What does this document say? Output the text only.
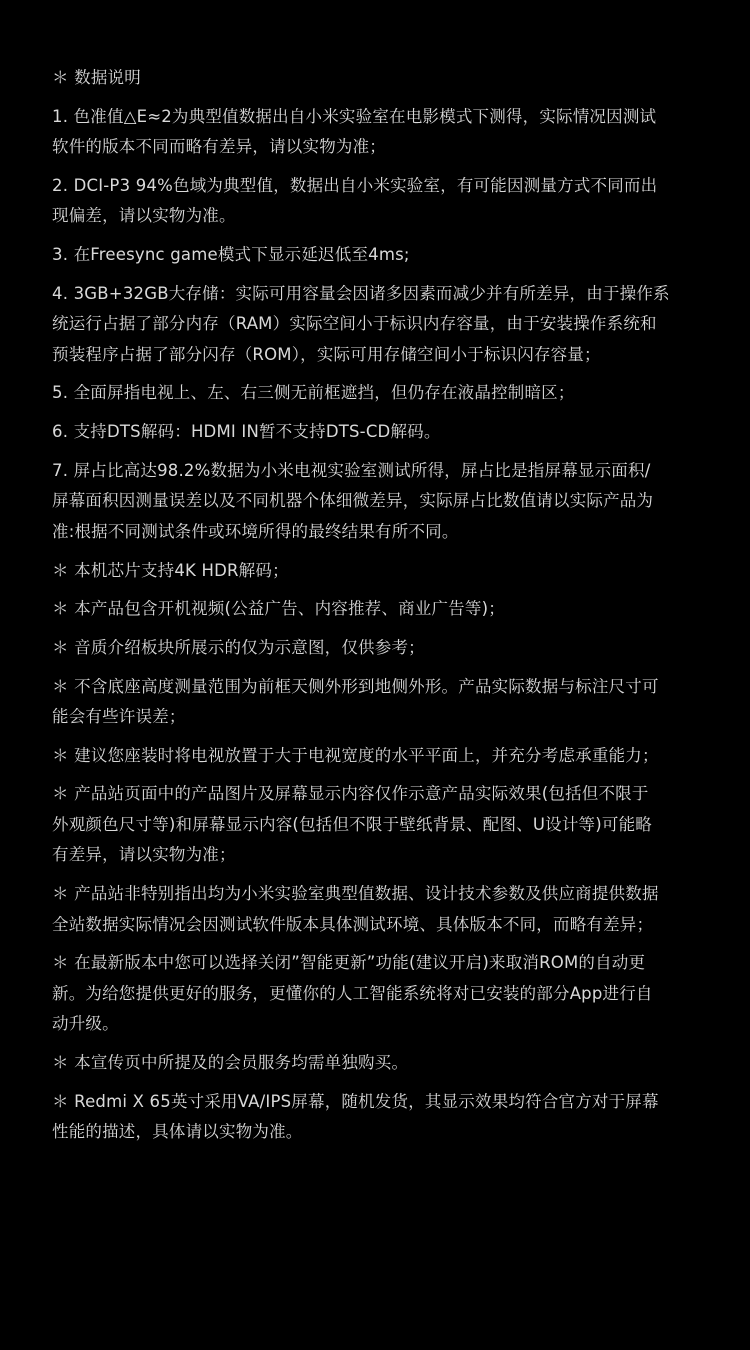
＊ 数据说明
1. 色准值△E≈2为典型值数据出自小米实验室在电影模式下测得，实际情况因测试
软件的版本不同而略有差异，请以实物为准；
2. DCI-P3 94%色域为典型值，数据出自小米实验室，有可能因测量方式不同而出
现偏差，请以实物为准。
3. 在Freesync game模式下显示延迟低至4ms;
4. 3GB+32GB大存储：实际可用容量会因诸多因素而减少并有所差异，由于操作系
统运行占据了部分内存（RAM）实际空间小于标识内存容量，由于安装操作系统和
预装程序占据了部分闪存（ROM），实际可用存储空间小于标识闪存容量；
5. 全面屏指电视上、左、右三侧无前框遮挡，但仍存在液晶控制暗区；
6. 支持DTS解码：HDMI IN暂不支持DTS-CD解码。
7. 屏占比高达98.2%数据为小米电视实验室测试所得，屏占比是指屏幕显示面积/
屏幕面积因测量误差以及不同机器个体细微差异，实际屏占比数值请以实际产品为
准:根据不同测试条件或环境所得的最终结果有所不同。
＊ 本机芯片支持4K HDR解码；
＊ 本产品包含开机视频(公益广告、内容推荐、商业广告等)；
＊ 音质介绍板块所展示的仅为示意图，仅供参考；
＊ 不含底座高度测量范围为前框天侧外形到地侧外形。产品实际数据与标注尺寸可
能会有些许误差；
＊ 建议您座装时将电视放置于大于电视宽度的水平平面上，并充分考虑承重能力；
＊ 产品站页面中的产品图片及屏幕显示内容仅作示意产品实际效果(包括但不限于
外观颜色尺寸等)和屏幕显示内容(包括但不限于壁纸背景、配图、U设计等)可能略
有差异，请以实物为准；
＊ 产品站非特别指出均为小米实验室典型值数据、设计技术参数及供应商提供数据
全站数据实际情况会因测试软件版本具体测试环境、具体版本不同，而略有差异；
＊ 在最新版本中您可以选择关闭”智能更新”功能(建议开启)来取消ROM的自动更
新。为给您提供更好的服务，更懂你的人工智能系统将对已安装的部分App进行自
动升级。
＊ 本宣传页中所提及的会员服务均需单独购买。
＊ Redmi X 65英寸采用VA/IPS屏幕，随机发货，其显示效果均符合官方对于屏幕
性能的描述，具体请以实物为准。
